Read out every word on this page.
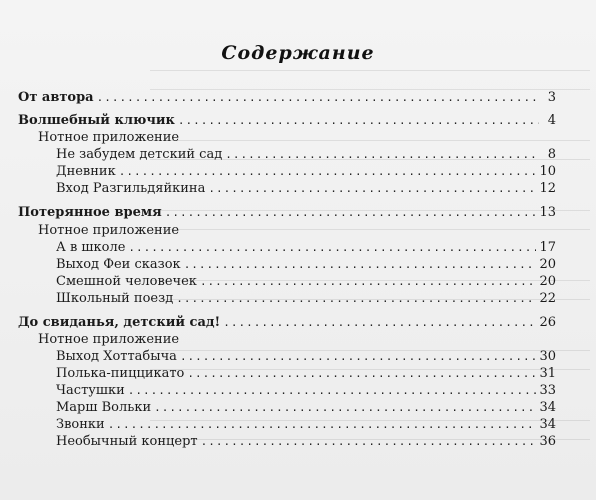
Содержание
От автора .....	3
Волшебный ключик .....	4
Нотное приложение
Не забудем детский сад .....	8
Дневник .....	10
Вход Разгильдяйкина .....	12
Потерянное время .....	13
Нотное приложение
А в школе .....	17
Выход Феи сказок .....	20
Смешной человечек .....	20
Школьный поезд .....	22
До свиданья, детский сад! .....	26
Нотное приложение
Выход Хоттабыча .....	30
Полька-пиццикато .....	31
Частушки .....	33
Марш Вольки .....	34
Звонки .....	34
Необычный концерт .....	36
